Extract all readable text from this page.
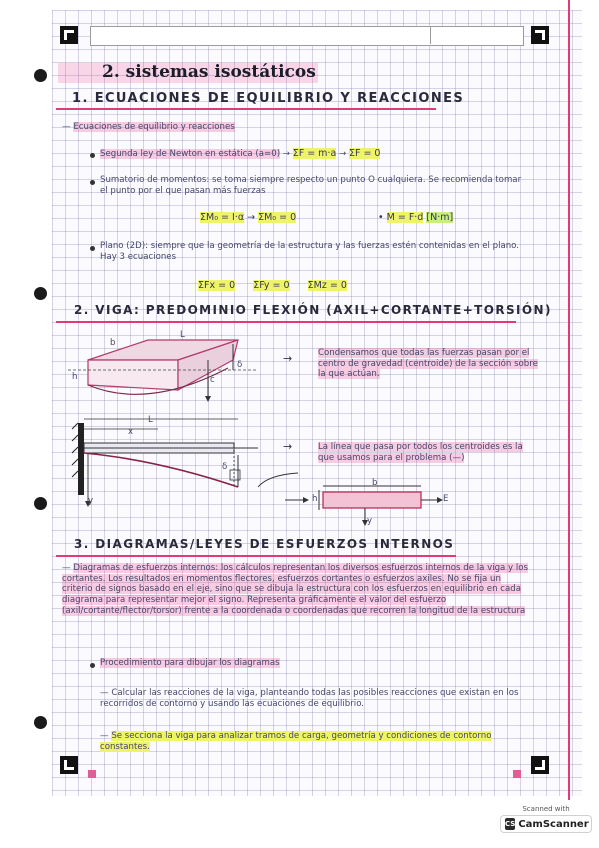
2. sistemas isostáticos
1. ECUACIONES DE EQUILIBRIO Y REACCIONES
— Ecuaciones de equilibrio y reacciones
Segunda ley de Newton en estática (a=0) → ΣF = m·a → ΣF = 0
Sumatorio de momentos: se toma siempre respecto un punto O cualquiera. Se recomienda tomar el punto por el que pasan más fuerzas
ΣM₀ = I·α → ΣM₀ = 0	• M = F·d [N·m]
Plano (2D): siempre que la geometría de la estructura y las fuerzas estén contenidas en el plano. Hay 3 ecuaciones
ΣFx = 0 ΣFy = 0 ΣMz = 0
2. VIGA: PREDOMINIO FLEXIÓN (AXIL+CORTANTE+TORSIÓN)
b
L
δ
h	c
→	Condensamos que todas las fuerzas pasan por el centro de gravedad (centroide) de la sección sobre la que actúan.
x
L
δ
y
→	La línea que pasa por todos los centroides es la que usamos para el problema (—)
h
b
E
y
3. DIAGRAMAS/LEYES DE ESFUERZOS INTERNOS
— Diagramas de esfuerzos internos: los cálculos representan los diversos esfuerzos internos de la viga y los cortantes. Los resultados en momentos flectores, esfuerzos cortantes o esfuerzos axiles. No se fija un criterio de signos basado en el eje, sino que se dibuja la estructura con los esfuerzos en equilibrio en cada diagrama para representar mejor el signo. Representa gráficamente el valor del esfuerzo (axil/cortante/flector/torsor) frente a la coordenada o coordenadas que recorren la longitud de la estructura
Procedimiento para dibujar los diagramas
— Calcular las reacciones de la viga, planteando todas las posibles reacciones que existan en los recorridos de contorno y usando las ecuaciones de equilibrio.
— Se secciona la viga para analizar tramos de carga, geometría y condiciones de contorno constantes.
Scanned with
CS CamScanner
